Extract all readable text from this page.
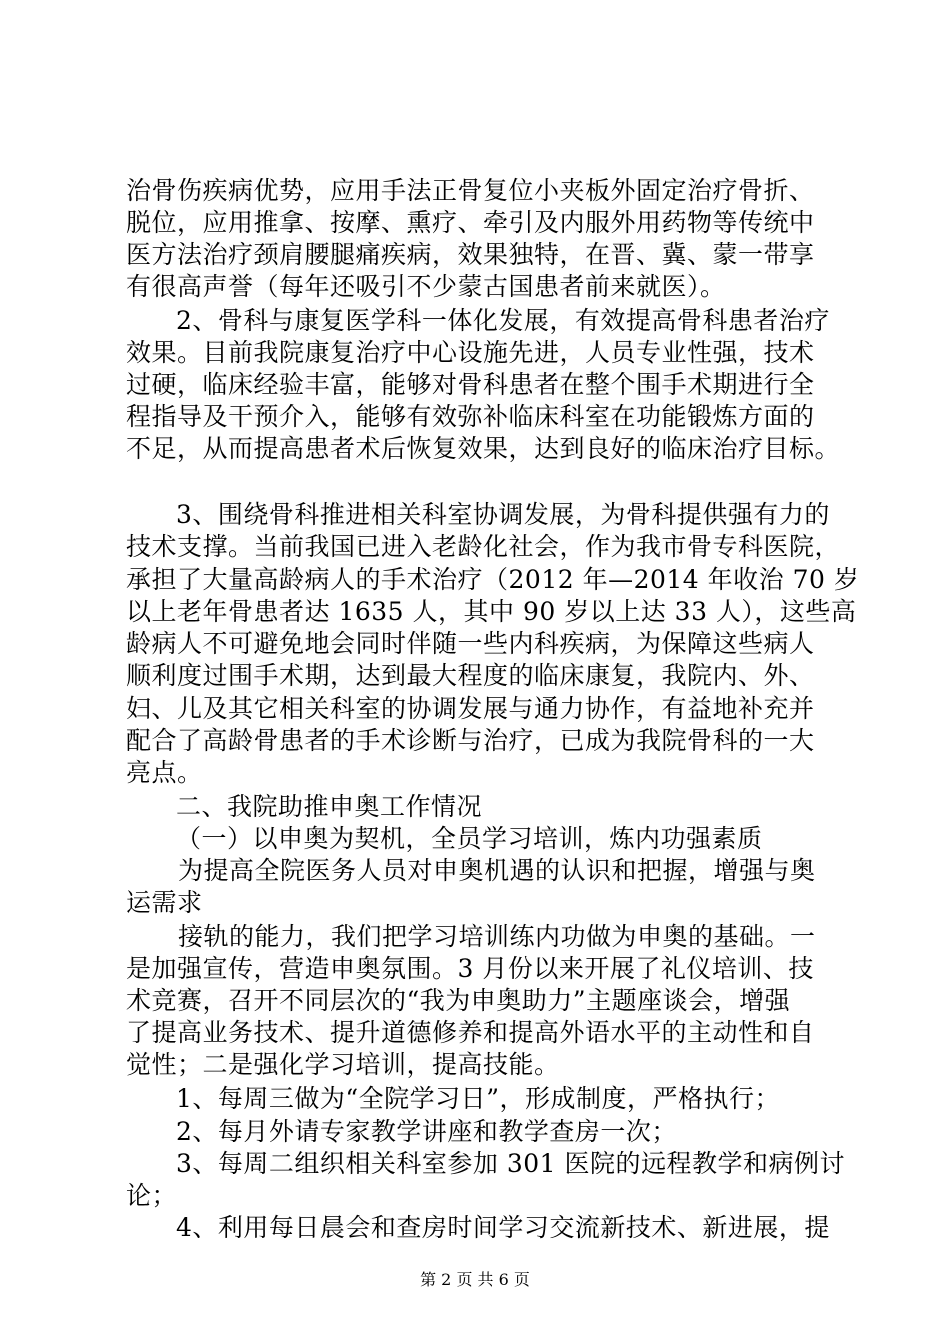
治骨伤疾病优势，应用手法正骨复位小夹板外固定治疗骨折、
脱位，应用推拿、按摩、熏疗、牵引及内服外用药物等传统中
医方法治疗颈肩腰腿痛疾病，效果独特，在晋、冀、蒙一带享
有很高声誉（每年还吸引不少蒙古国患者前来就医）。
2、骨科与康复医学科一体化发展，有效提高骨科患者治疗
效果。目前我院康复治疗中心设施先进，人员专业性强，技术
过硬，临床经验丰富，能够对骨科患者在整个围手术期进行全
程指导及干预介入，能够有效弥补临床科室在功能锻炼方面的
不足，从而提高患者术后恢复效果，达到良好的临床治疗目标。
3、围绕骨科推进相关科室协调发展，为骨科提供强有力的
技术支撑。当前我国已进入老龄化社会，作为我市骨专科医院，
承担了大量高龄病人的手术治疗（2012 年—2014 年收治 70 岁
以上老年骨患者达 1635 人，其中 90 岁以上达 33 人），这些高
龄病人不可避免地会同时伴随一些内科疾病，为保障这些病人
顺利度过围手术期，达到最大程度的临床康复，我院内、外、
妇、儿及其它相关科室的协调发展与通力协作，有益地补充并
配合了高龄骨患者的手术诊断与治疗，已成为我院骨科的一大
亮点。
二、我院助推申奥工作情况
（一）以申奥为契机，全员学习培训，炼内功强素质
为提高全院医务人员对申奥机遇的认识和把握，增强与奥
运需求
接轨的能力，我们把学习培训练内功做为申奥的基础。一
是加强宣传，营造申奥氛围。3 月份以来开展了礼仪培训、技
术竞赛，召开不同层次的“我为申奥助力”主题座谈会，增强
了提高业务技术、提升道德修养和提高外语水平的主动性和自
觉性；二是强化学习培训，提高技能。
1、每周三做为“全院学习日”，形成制度，严格执行；
2、每月外请专家教学讲座和教学查房一次；
3、每周二组织相关科室参加 301 医院的远程教学和病例讨
论；
4、利用每日晨会和查房时间学习交流新技术、新进展，提
第 2 页 共 6 页
